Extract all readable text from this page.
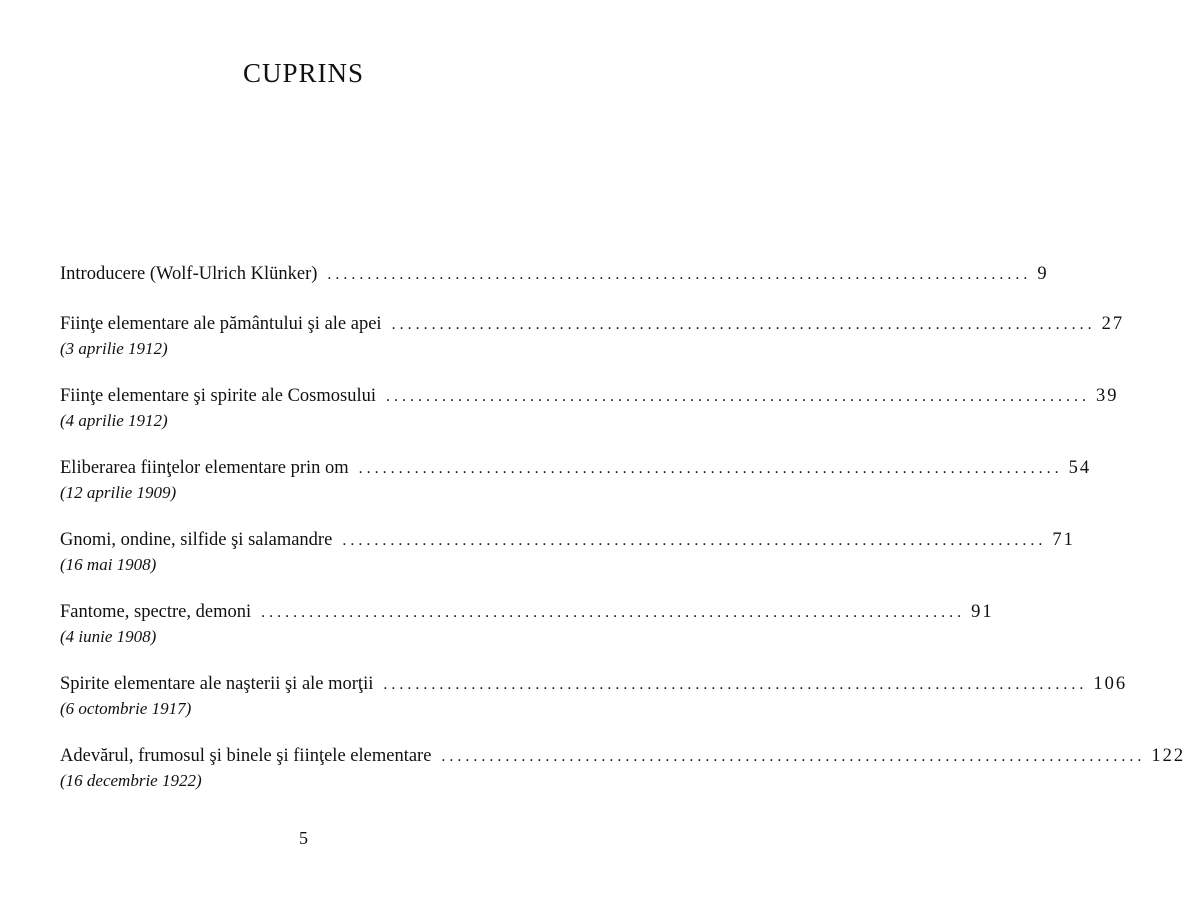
CUPRINS
Introducere (Wolf-Ulrich Klünker) ........................................................................................ 9
Fiinţe elementare ale pământului şi ale apei ........................................................................................ 27
(3 aprilie 1912)
Fiinţe elementare şi spirite ale Cosmosului ........................................................................................ 39
(4 aprilie 1912)
Eliberarea fiinţelor elementare prin om ........................................................................................ 54
(12 aprilie 1909)
Gnomi, ondine, silfide şi salamandre ........................................................................................ 71
(16 mai 1908)
Fantome, spectre, demoni ........................................................................................ 91
(4 iunie 1908)
Spirite elementare ale naşterii şi ale morţii ........................................................................................ 106
(6 octombrie 1917)
Adevărul, frumosul şi binele şi fiinţele elementare ........................................................................................ 122
(16 decembrie 1922)
5
